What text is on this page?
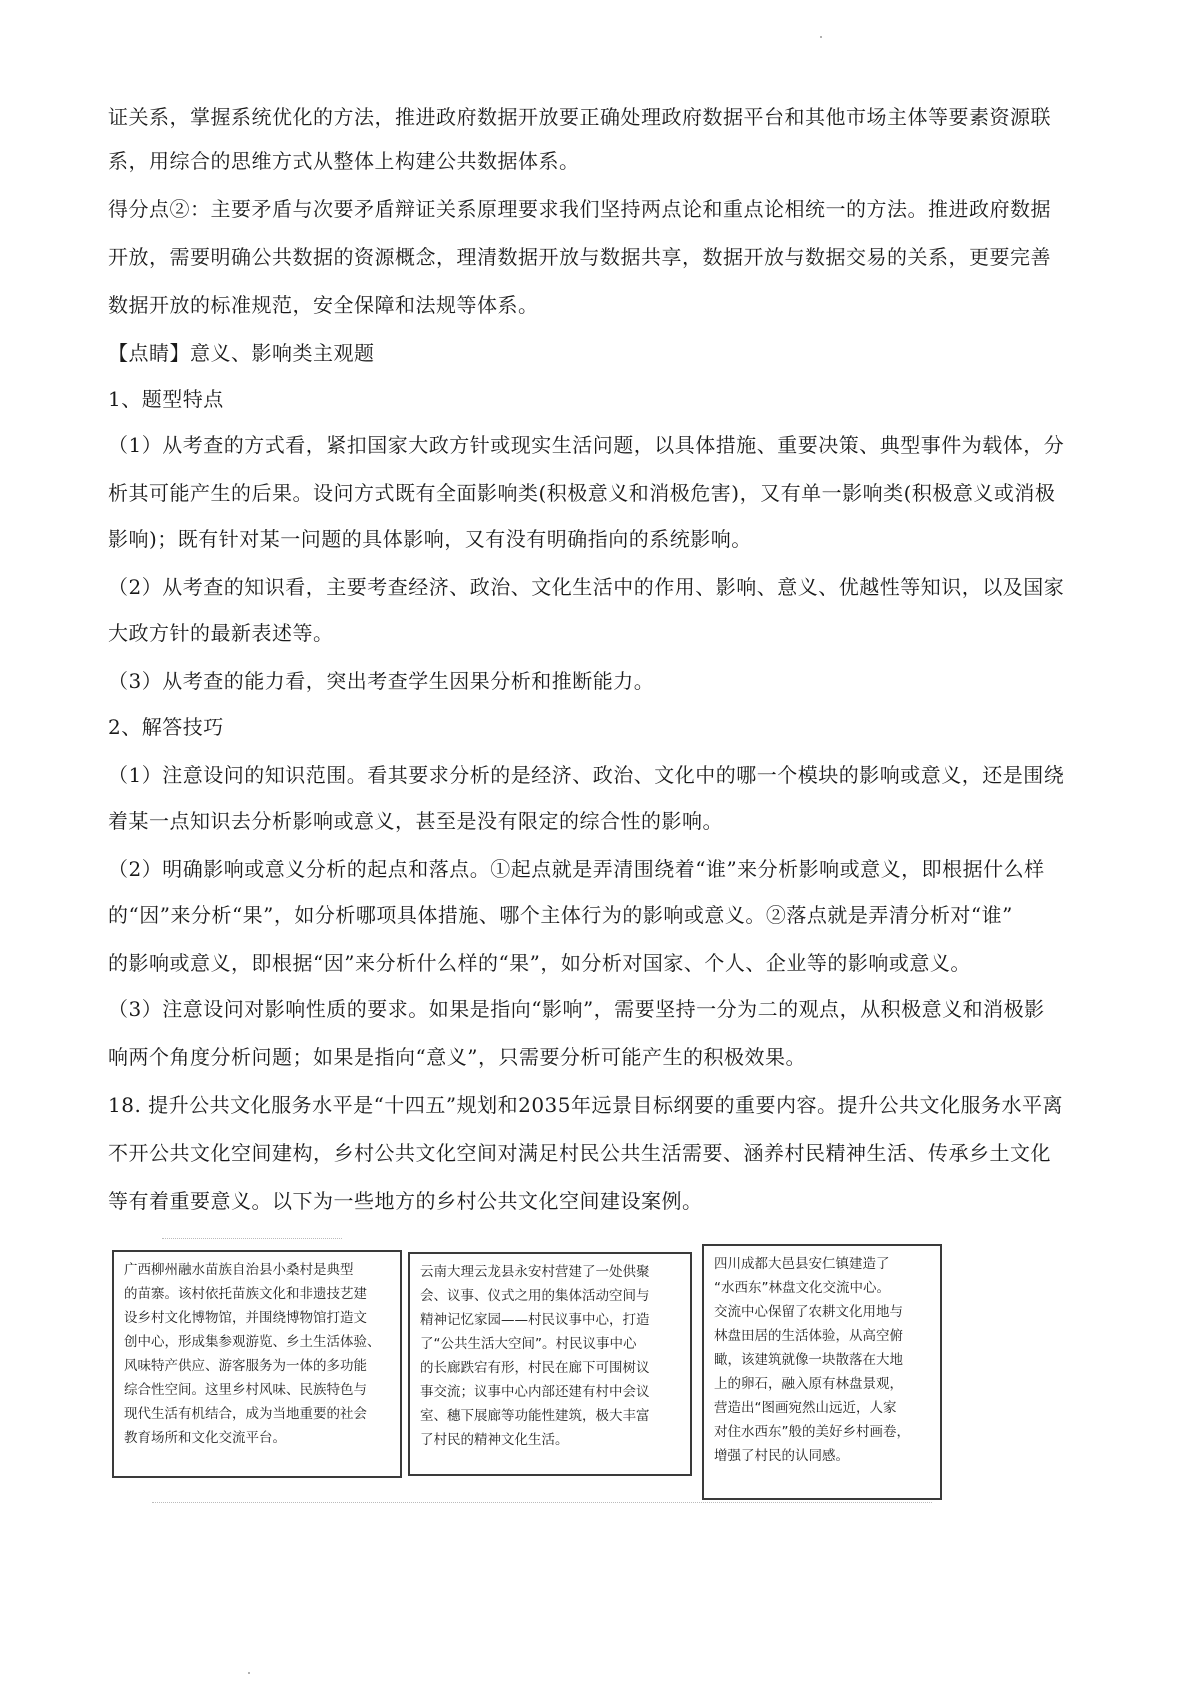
证关系，掌握系统优化的方法，推进政府数据开放要正确处理政府数据平台和其他市场主体等要素资源联
系，用综合的思维方式从整体上构建公共数据体系。
得分点②：主要矛盾与次要矛盾辩证关系原理要求我们坚持两点论和重点论相统一的方法。推进政府数据
开放，需要明确公共数据的资源概念，理清数据开放与数据共享，数据开放与数据交易的关系，更要完善
数据开放的标准规范，安全保障和法规等体系。
【点睛】意义、影响类主观题
1、题型特点
（1）从考查的方式看，紧扣国家大政方针或现实生活问题，以具体措施、重要决策、典型事件为载体，分
析其可能产生的后果。设问方式既有全面影响类(积极意义和消极危害)，又有单一影响类(积极意义或消极
影响)；既有针对某一问题的具体影响，又有没有明确指向的系统影响。
（2）从考查的知识看，主要考查经济、政治、文化生活中的作用、影响、意义、优越性等知识，以及国家
大政方针的最新表述等。
（3）从考查的能力看，突出考查学生因果分析和推断能力。
2、解答技巧
（1）注意设问的知识范围。看其要求分析的是经济、政治、文化中的哪一个模块的影响或意义，还是围绕
着某一点知识去分析影响或意义，甚至是没有限定的综合性的影响。
（2）明确影响或意义分析的起点和落点。①起点就是弄清围绕着“谁”来分析影响或意义，即根据什么样
的“因”来分析“果”，如分析哪项具体措施、哪个主体行为的影响或意义。②落点就是弄清分析对“谁”
的影响或意义，即根据“因”来分析什么样的“果”，如分析对国家、个人、企业等的影响或意义。
（3）注意设问对影响性质的要求。如果是指向“影响”，需要坚持一分为二的观点，从积极意义和消极影
响两个角度分析问题；如果是指向“意义”，只需要分析可能产生的积极效果。
18. 提升公共文化服务水平是“十四五”规划和2035年远景目标纲要的重要内容。提升公共文化服务水平离
不开公共文化空间建构，乡村公共文化空间对满足村民公共生活需要、涵养村民精神生活、传承乡土文化
等有着重要意义。以下为一些地方的乡村公共文化空间建设案例。
广西柳州融水苗族自治县小桑村是典型
的苗寨。该村依托苗族文化和非遗技艺建
设乡村文化博物馆，并围绕博物馆打造文
创中心，形成集参观游览、乡土生活体验、
风味特产供应、游客服务为一体的多功能
综合性空间。这里乡村风味、民族特色与
现代生活有机结合，成为当地重要的社会
教育场所和文化交流平台。
云南大理云龙县永安村营建了一处供聚
会、议事、仪式之用的集体活动空间与
精神记忆家园——村民议事中心，打造
了“公共生活大空间”。村民议事中心
的长廊跌宕有形，村民在廊下可围树议
事交流；议事中心内部还建有村中会议
室、穗下展廊等功能性建筑，极大丰富
了村民的精神文化生活。
四川成都大邑县安仁镇建造了
“水西东”林盘文化交流中心。
交流中心保留了农耕文化用地与
林盘田居的生活体验，从高空俯
瞰，该建筑就像一块散落在大地
上的卵石，融入原有林盘景观，
营造出“图画宛然山远近，人家
对住水西东”般的美好乡村画卷，
增强了村民的认同感。
